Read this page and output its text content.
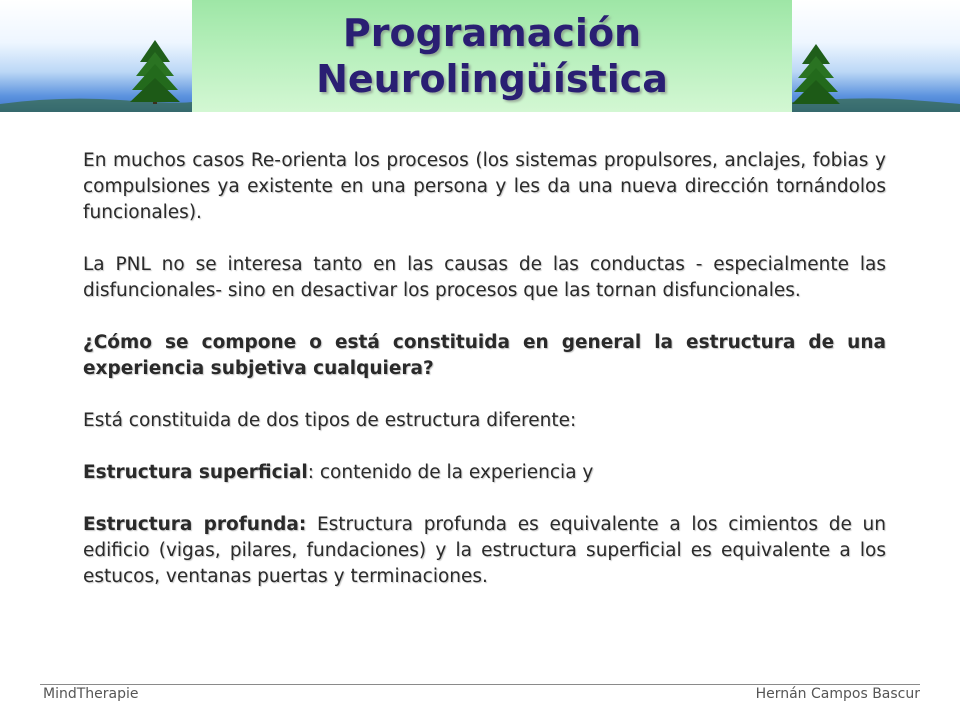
Programación
Neurolingüística

En muchos casos Re-orienta los procesos (los sistemas propulsores, anclajes, fobias y compulsiones ya existente en una persona y les da una nueva dirección tornándolos funcionales).

La PNL no se interesa tanto en las causas de las conductas - especialmente las disfuncionales- sino en desactivar los procesos que las tornan disfuncionales.

¿Cómo se compone o está constituida en general la estructura de una experiencia subjetiva cualquiera?

Está constituida de dos tipos de estructura diferente:

Estructura superficial: contenido de la experiencia y

Estructura profunda: Estructura profunda es equivalente a los cimientos de un edificio (vigas, pilares, fundaciones) y la estructura superficial es equivalente a los estucos, ventanas puertas y terminaciones.

MindTherapie	Hernán Campos Bascur
